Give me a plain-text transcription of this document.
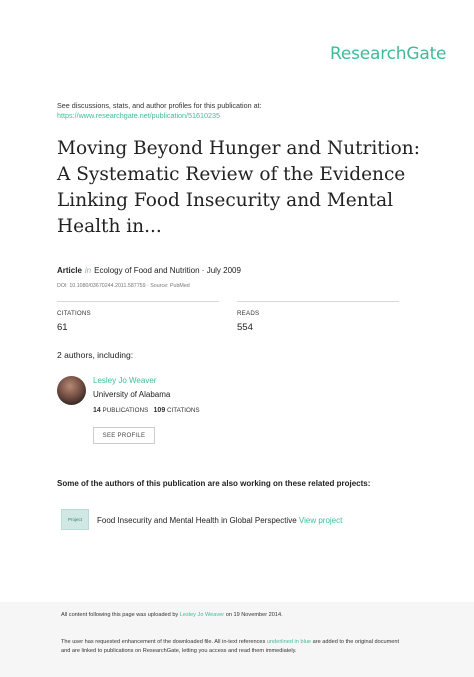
ResearchGate
See discussions, stats, and author profiles for this publication at:
https://www.researchgate.net/publication/51610235
Moving Beyond Hunger and Nutrition:
A Systematic Review of the Evidence
Linking Food Insecurity and Mental
Health in...
Article in Ecology of Food and Nutrition · July 2009
DOI: 10.1080/03670244.2011.587759 · Source: PubMed
CITATIONS
61
READS
554
2 authors, including:
Lesley Jo Weaver
University of Alabama
14 PUBLICATIONS 109 CITATIONS
SEE PROFILE
Some of the authors of this publication are also working on these related projects:
Project	Food Insecurity and Mental Health in Global Perspective View project
All content following this page was uploaded by Lesley Jo Weaver on 19 November 2014.
The user has requested enhancement of the downloaded file. All in-text references underlined in blue are added to the original document
and are linked to publications on ResearchGate, letting you access and read them immediately.
